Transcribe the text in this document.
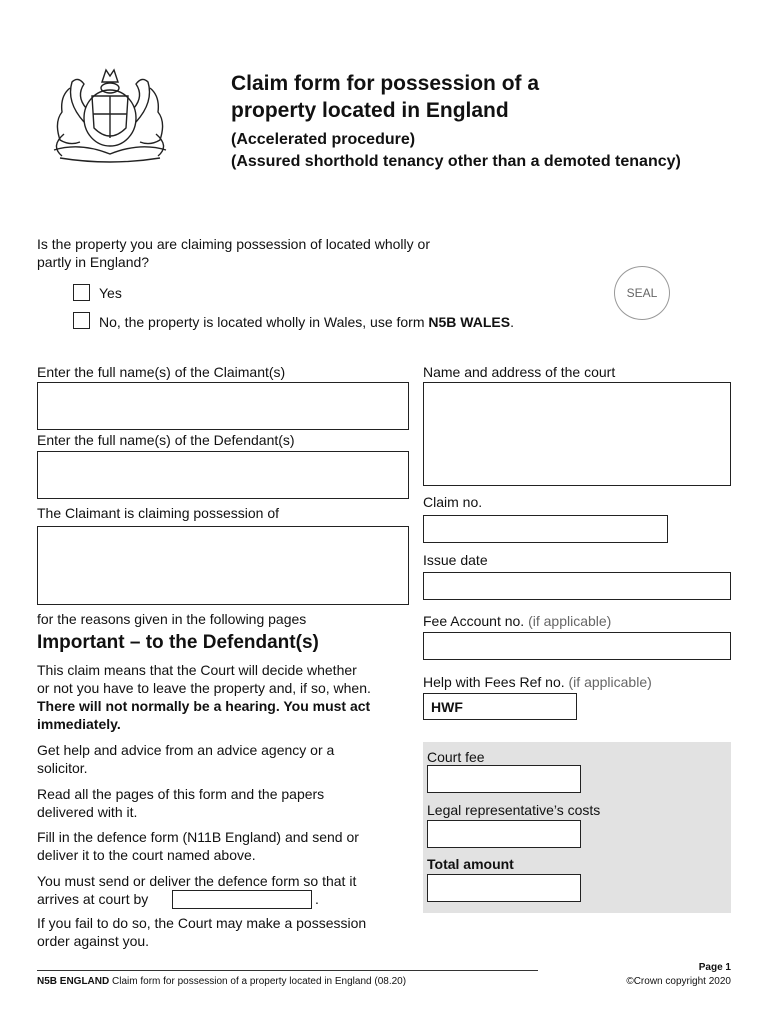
Claim form for possession of a
property located in England
(Accelerated procedure)
(Assured shorthold tenancy other than a demoted tenancy)
Is the property you are claiming possession of located wholly or
partly in England?
Yes
No, the property is located wholly in Wales, use form N5B WALES.
SEAL
Enter the full name(s) of the Claimant(s)
Enter the full name(s) of the Defendant(s)
The Claimant is claiming possession of
for the reasons given in the following pages
Important – to the Defendant(s)
This claim means that the Court will decide whether
or not you have to leave the property and, if so, when.
There will not normally be a hearing. You must act
immediately.
Get help and advice from an advice agency or a
solicitor.
Read all the pages of this form and the papers
delivered with it.
Fill in the defence form (N11B England) and send or
deliver it to the court named above.
You must send or deliver the defence form so that it
arrives at court by	.
If you fail to do so, the Court may make a possession
order against you.
Name and address of the court
Claim no.
Issue date
Fee Account no. (if applicable)
Help with Fees Ref no. (if applicable)
HWF
Court fee
Legal representative’s costs
Total amount
N5B ENGLAND Claim form for possession of a property located in England (08.20)
Page 1
©Crown copyright 2020
